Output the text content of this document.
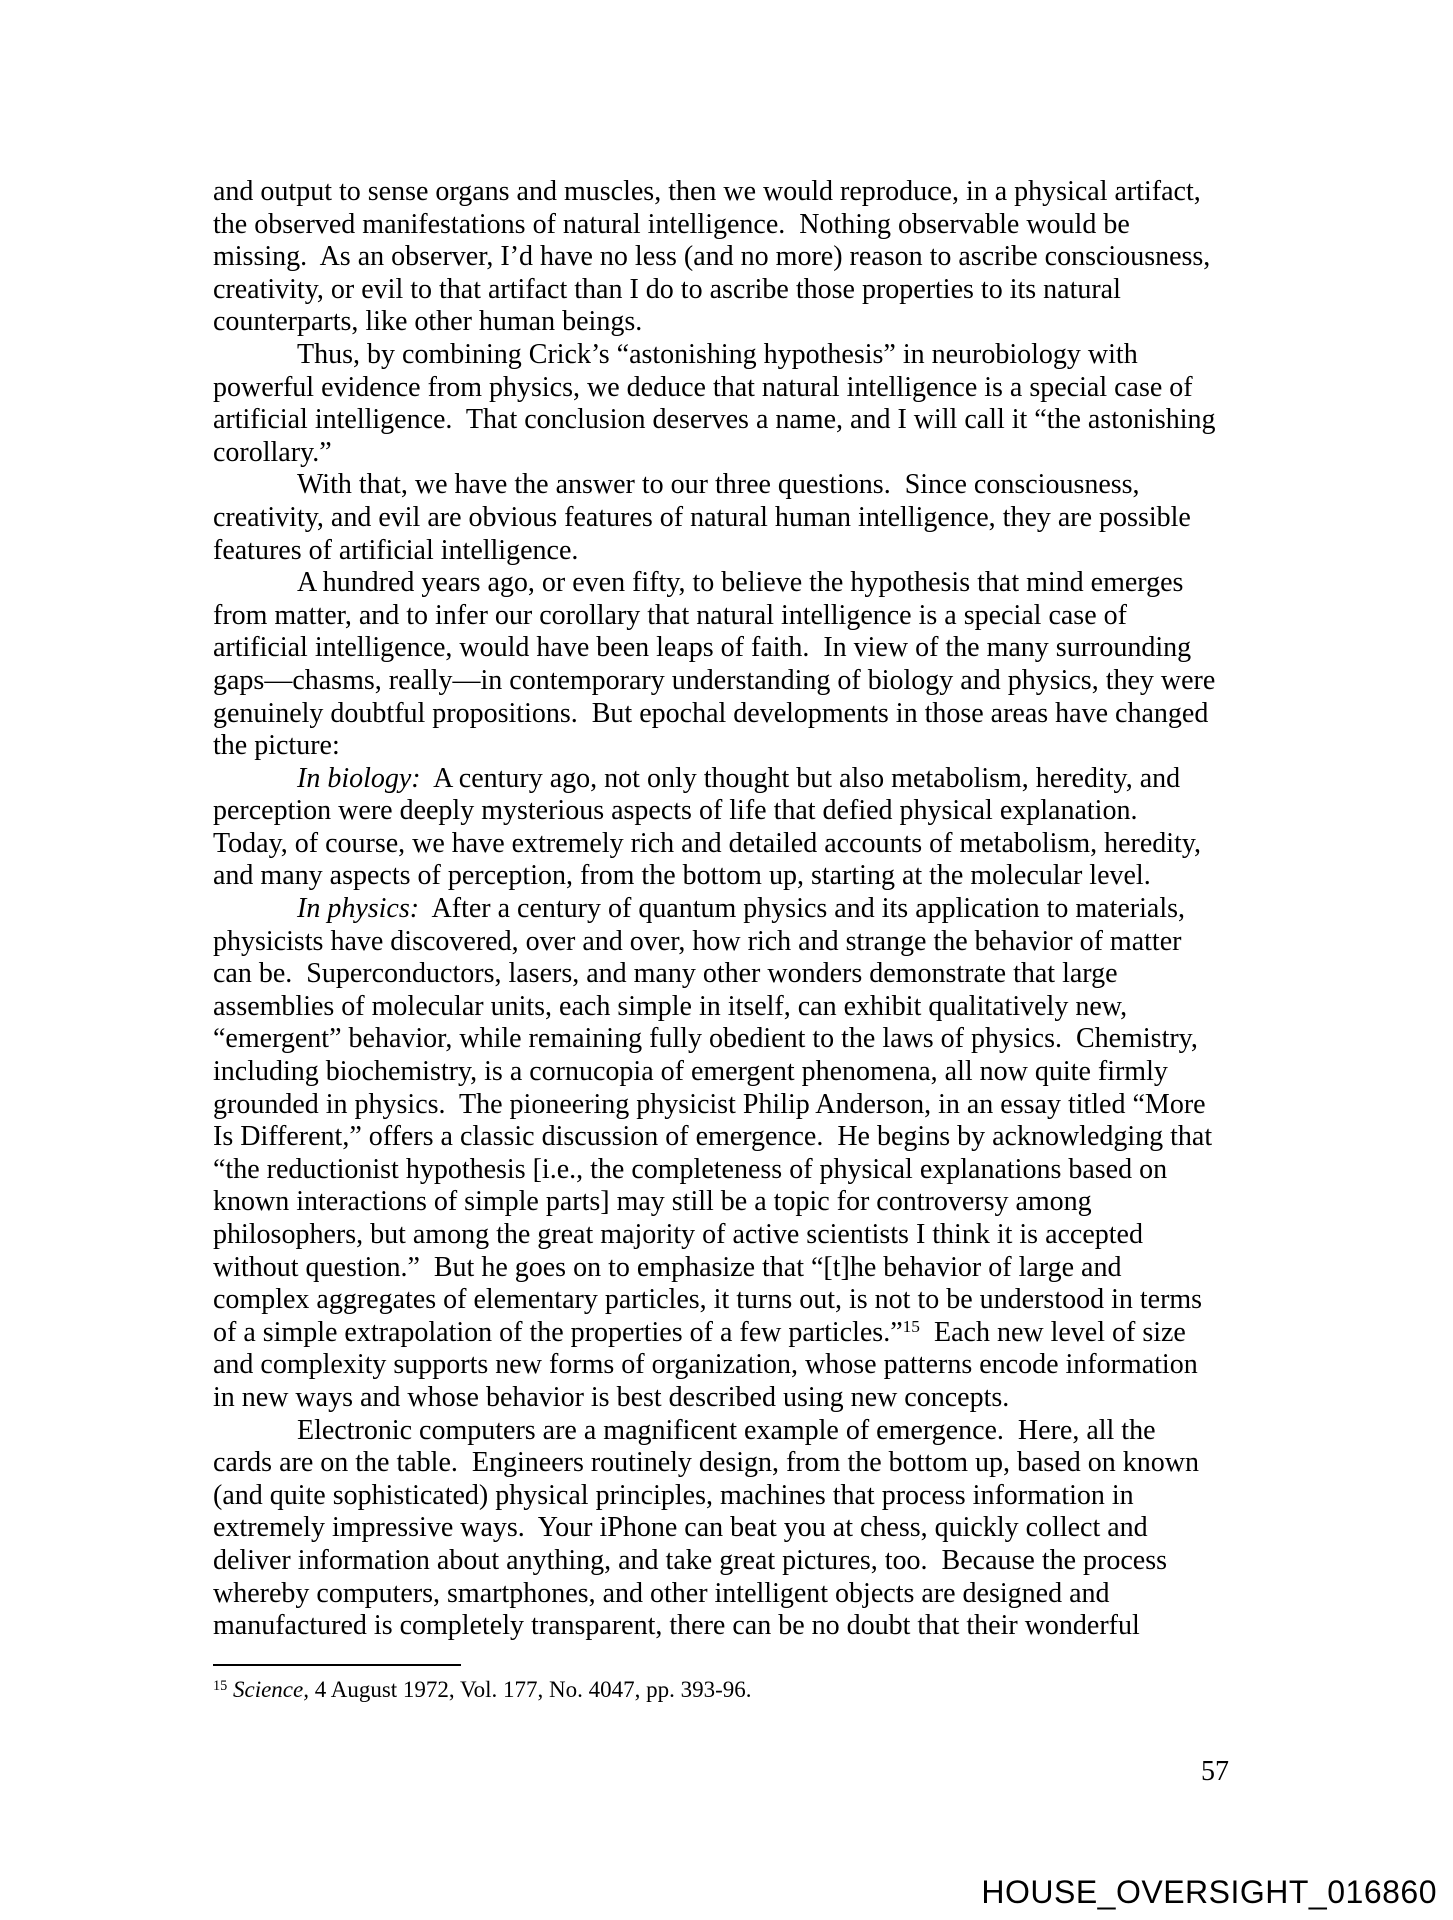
and output to sense organs and muscles, then we would reproduce, in a physical artifact,
the observed manifestations of natural intelligence.  Nothing observable would be
missing.  As an observer, I’d have no less (and no more) reason to ascribe consciousness,
creativity, or evil to that artifact than I do to ascribe those properties to its natural
counterparts, like other human beings.
Thus, by combining Crick’s “astonishing hypothesis” in neurobiology with
powerful evidence from physics, we deduce that natural intelligence is a special case of
artificial intelligence.  That conclusion deserves a name, and I will call it “the astonishing
corollary.”
With that, we have the answer to our three questions.  Since consciousness,
creativity, and evil are obvious features of natural human intelligence, they are possible
features of artificial intelligence.
A hundred years ago, or even fifty, to believe the hypothesis that mind emerges
from matter, and to infer our corollary that natural intelligence is a special case of
artificial intelligence, would have been leaps of faith.  In view of the many surrounding
gaps—chasms, really—in contemporary understanding of biology and physics, they were
genuinely doubtful propositions.  But epochal developments in those areas have changed
the picture:
In biology:  A century ago, not only thought but also metabolism, heredity, and
perception were deeply mysterious aspects of life that defied physical explanation.
Today, of course, we have extremely rich and detailed accounts of metabolism, heredity,
and many aspects of perception, from the bottom up, starting at the molecular level.
In physics:  After a century of quantum physics and its application to materials,
physicists have discovered, over and over, how rich and strange the behavior of matter
can be.  Superconductors, lasers, and many other wonders demonstrate that large
assemblies of molecular units, each simple in itself, can exhibit qualitatively new,
“emergent” behavior, while remaining fully obedient to the laws of physics.  Chemistry,
including biochemistry, is a cornucopia of emergent phenomena, all now quite firmly
grounded in physics.  The pioneering physicist Philip Anderson, in an essay titled “More
Is Different,” offers a classic discussion of emergence.  He begins by acknowledging that
“the reductionist hypothesis [i.e., the completeness of physical explanations based on
known interactions of simple parts] may still be a topic for controversy among
philosophers, but among the great majority of active scientists I think it is accepted
without question.”  But he goes on to emphasize that “[t]he behavior of large and
complex aggregates of elementary particles, it turns out, is not to be understood in terms
of a simple extrapolation of the properties of a few particles.”$^{15}$  Each new level of size
and complexity supports new forms of organization, whose patterns encode information
in new ways and whose behavior is best described using new concepts.
Electronic computers are a magnificent example of emergence.  Here, all the
cards are on the table.  Engineers routinely design, from the bottom up, based on known
(and quite sophisticated) physical principles, machines that process information in
extremely impressive ways.  Your iPhone can beat you at chess, quickly collect and
deliver information about anything, and take great pictures, too.  Because the process
whereby computers, smartphones, and other intelligent objects are designed and
manufactured is completely transparent, there can be no doubt that their wonderful
$^{15}$ Science, 4 August 1972, Vol. 177, No. 4047, pp. 393-96.
57
HOUSE_OVERSIGHT_016860
